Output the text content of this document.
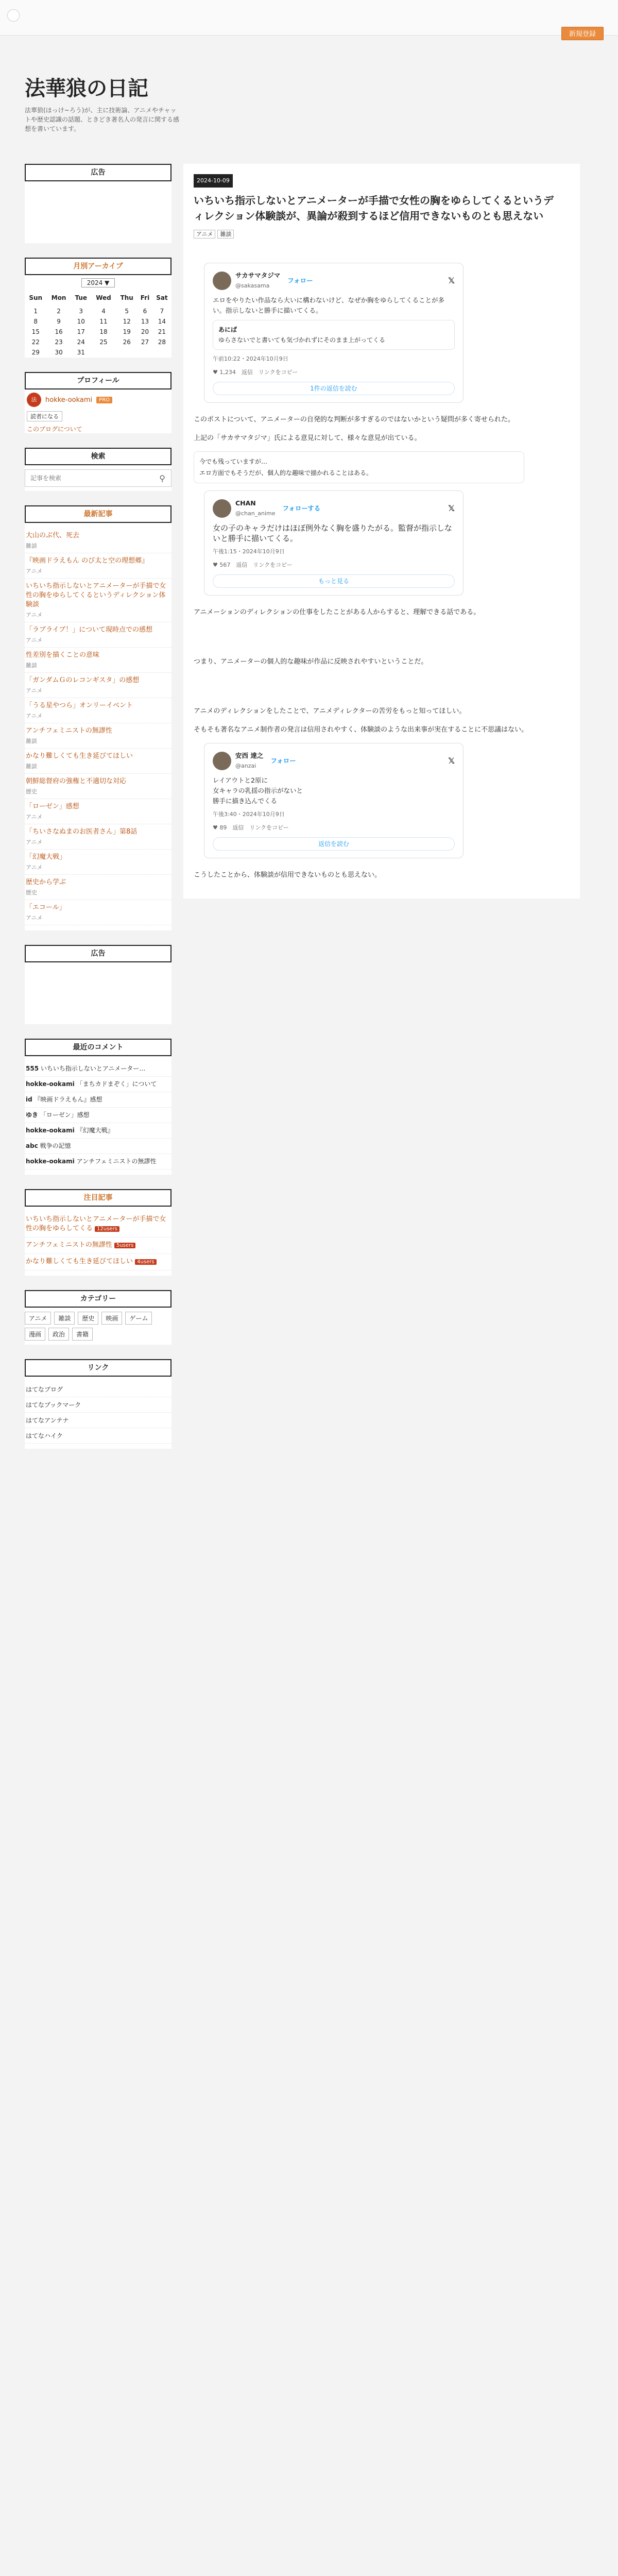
新規登録
法華狼の日記
法華狼(ほっけ~ろう)が、主に技術論、アニメやチャットや歴史認識の話題、ときどき著名人の発言に関する感想を書いています。
広告
月別アーカイブ
2024 ▼
Sun	Mon	Tue	Wed	Thu	Fri	Sat

1	2	3	4	5	6	7
8	9	10	11	12	13	14
15	16	17	18	19	20	21
22	23	24	25	26	27	28
29	30	31				
プロフィール
法	hokke-ookami	PRO
読者になる
このブログについて
検索
記事を検索
⚲
最新記事
大山のぶ代、死去
雑談
『映画ドラえもん のび太と空の理想郷』
アニメ
いちいち指示しないとアニメーターが手描で女性の胸をゆらしてくるというディレクション体験談
アニメ
「ラブライブ！」について現時点での感想
アニメ
性差別を描くことの意味
雑談
「ガンダムＧのレコンギスタ」の感想
アニメ
「うる星やつら」オンリーイベント
アニメ
アンチフェミニストの無謬性
雑談
かなり難しくても生き延びてほしい
雑談
朝鮮総督府の強権と不適切な対応
歴史
「ローゼン」感想
アニメ
「ちいさなぬまのお医者さん」第8話
アニメ
「幻魔大戦」
アニメ
歴史から学ぶ
歴史
「エコール」
アニメ
広告
最近のコメント
555 いちいち指示しないとアニメーター…
hokke-ookami 「まちカドまぞく」について
id 『映画ドラえもん』感想
ゆき 「ローゼン」感想
hokke-ookami 『幻魔大戦』
abc 戦争の記憶
hokke-ookami アンチフェミニストの無謬性
注目記事
いちいち指示しないとアニメーターが手描で女性の胸をゆらしてくる 12users
アンチフェミニストの無謬性 5users
かなり難しくても生き延びてほしい 4users
カテゴリー
アニメ	雑談	歴史	映画	ゲーム
漫画	政治	書籍
リンク
はてなブログ
はてなブックマーク
はてなアンテナ
はてなハイク
2024-10-09
いちいち指示しないとアニメーターが手描で女性の胸をゆらしてくるというディレクション体験談が、異論が殺到するほど信用できないものとも思えない
アニメ 雑談
サカサマタジマ
@sakasama
フォロー	𝕏
エロをやりたい作品なら大いに構わないけど、なぜか胸をゆらしてくることが多い。指示しないと勝手に描いてくる。
あにぱ
ゆらさないでと書いても気づかれずにそのまま上がってくる
午前10:22・2024年10月9日
♥ 1,234　返信　リンクをコピー
1件の返信を読む

このポストについて、アニメーターの自発的な判断が多すぎるのではないかという疑問が多く寄せられた。

上記の「サカサマタジマ」氏による意見に対して、様々な意見が出ている。

今でも残っていますが…
エロ方面でもそうだが、個人的な趣味で描かれることはある。
CHAN
@chan_anime
フォローする	𝕏
女の子のキャラだけはほぼ例外なく胸を盛りたがる。監督が指示しないと勝手に描いてくる。
午後1:15・2024年10月9日
♥ 567　返信　リンクをコピー
もっと見る

アニメーションのディレクションの仕事をしたことがある人からすると、理解できる話である。

つまり、アニメーターの個人的な趣味が作品に反映されやすいということだ。

アニメのディレクションをしたことで、アニメディレクターの苦労をもっと知ってほしい。

そもそも著名なアニメ制作者の発言は信用されやすく、体験談のような出来事が実在することに不思議はない。

安西 達之
@anzai
フォロー	𝕏
レイアウトと2原に
女キャラの乳揺の指示がないと
勝手に描き込んでくる
午後3:40・2024年10月9日
♥ 89　返信　リンクをコピー
返信を読む

こうしたことから、体験談が信用できないものとも思えない。
